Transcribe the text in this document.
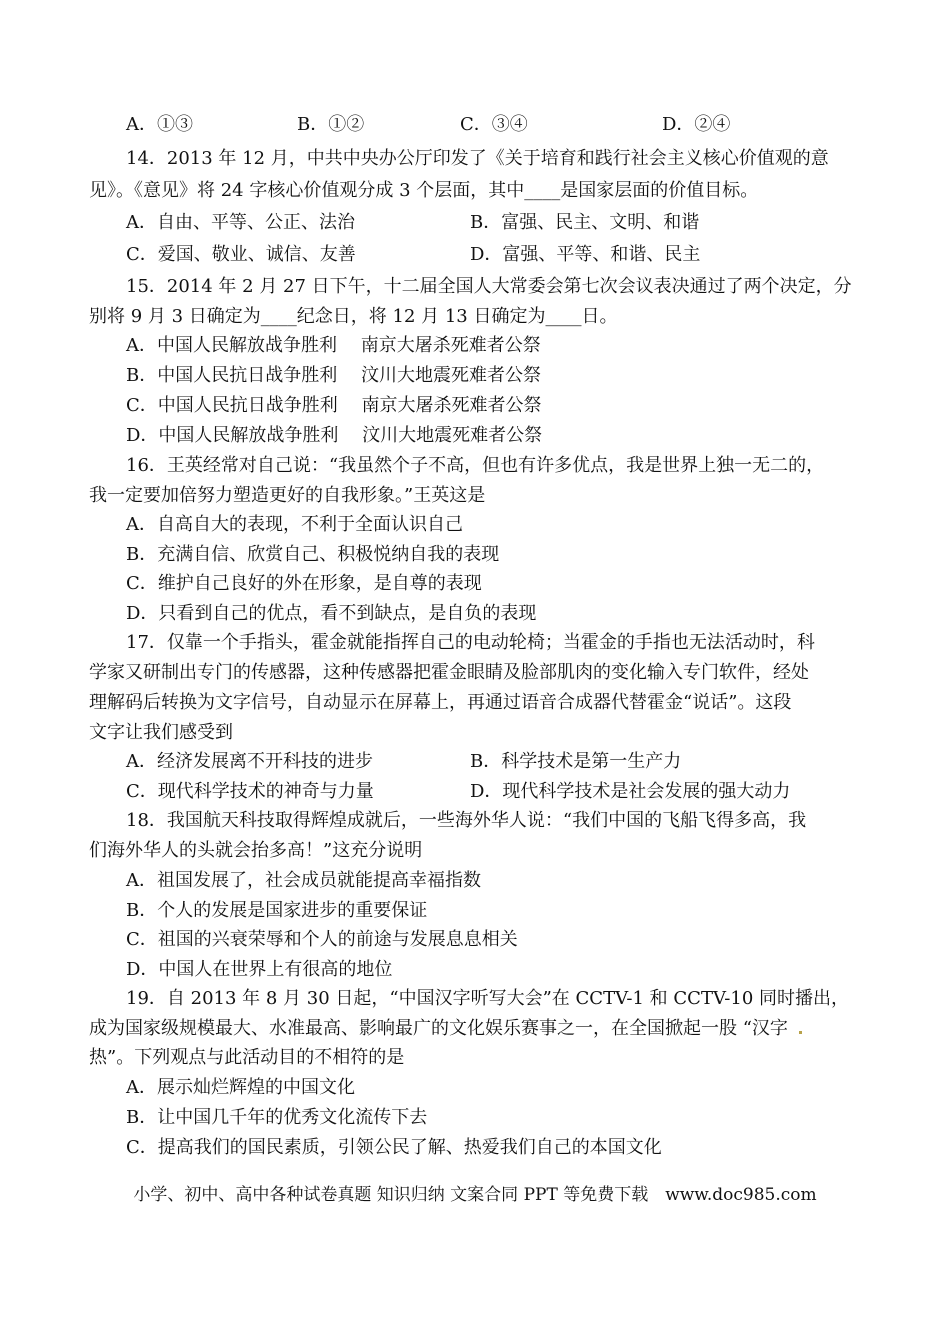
A．①③	B．①②	C．③④	D．②④
14．2013 年 12 月，中共中央办公厅印发了《关于培育和践行社会主义核心价值观的意
见》。《意见》将 24 字核心价值观分成 3 个层面，其中____是国家层面的价值目标。
A．自由、平等、公正、法治	B．富强、民主、文明、和谐
C．爱国、敬业、诚信、友善	D．富强、平等、和谐、民主
15．2014 年 2 月 27 日下午，十二届全国人大常委会第七次会议表决通过了两个决定，分
别将 9 月 3 日确定为____纪念日，将 12 月 13 日确定为____日。
A．中国人民解放战争胜利　 南京大屠杀死难者公祭
B．中国人民抗日战争胜利　 汶川大地震死难者公祭
C．中国人民抗日战争胜利　 南京大屠杀死难者公祭
D．中国人民解放战争胜利　 汶川大地震死难者公祭
16．王英经常对自己说：“我虽然个子不高，但也有许多优点，我是世界上独一无二的，
我一定要加倍努力塑造更好的自我形象。”王英这是
A．自高自大的表现，不利于全面认识自己
B．充满自信、欣赏自己、积极悦纳自我的表现
C．维护自己良好的外在形象，是自尊的表现
D．只看到自己的优点，看不到缺点，是自负的表现
17．仅靠一个手指头，霍金就能指挥自己的电动轮椅；当霍金的手指也无法活动时，科
学家又研制出专门的传感器，这种传感器把霍金眼睛及脸部肌肉的变化输入专门软件，经处
理解码后转换为文字信号，自动显示在屏幕上，再通过语音合成器代替霍金“说话”。这段
文字让我们感受到
A．经济发展离不开科技的进步	B．科学技术是第一生产力
C．现代科学技术的神奇与力量	D．现代科学技术是社会发展的强大动力
18．我国航天科技取得辉煌成就后，一些海外华人说：“我们中国的飞船飞得多高，我
们海外华人的头就会抬多高！”这充分说明
A．祖国发展了，社会成员就能提高幸福指数
B．个人的发展是国家进步的重要保证
C．祖国的兴衰荣辱和个人的前途与发展息息相关
D．中国人在世界上有很高的地位
19．自 2013 年 8 月 30 日起，“中国汉字听写大会”在 CCTV-1 和 CCTV-10 同时播出，
成为国家级规模最大、水准最高、影响最广的文化娱乐赛事之一，在全国掀起一股 “汉字
热”。下列观点与此活动目的不相符的是
A．展示灿烂辉煌的中国文化
B．让中国几千年的优秀文化流传下去
C．提高我们的国民素质，引领公民了解、热爱我们自己的本国文化
小学、初中、高中各种试卷真题 知识归纳 文案合同 PPT 等免费下载　www.doc985.com
